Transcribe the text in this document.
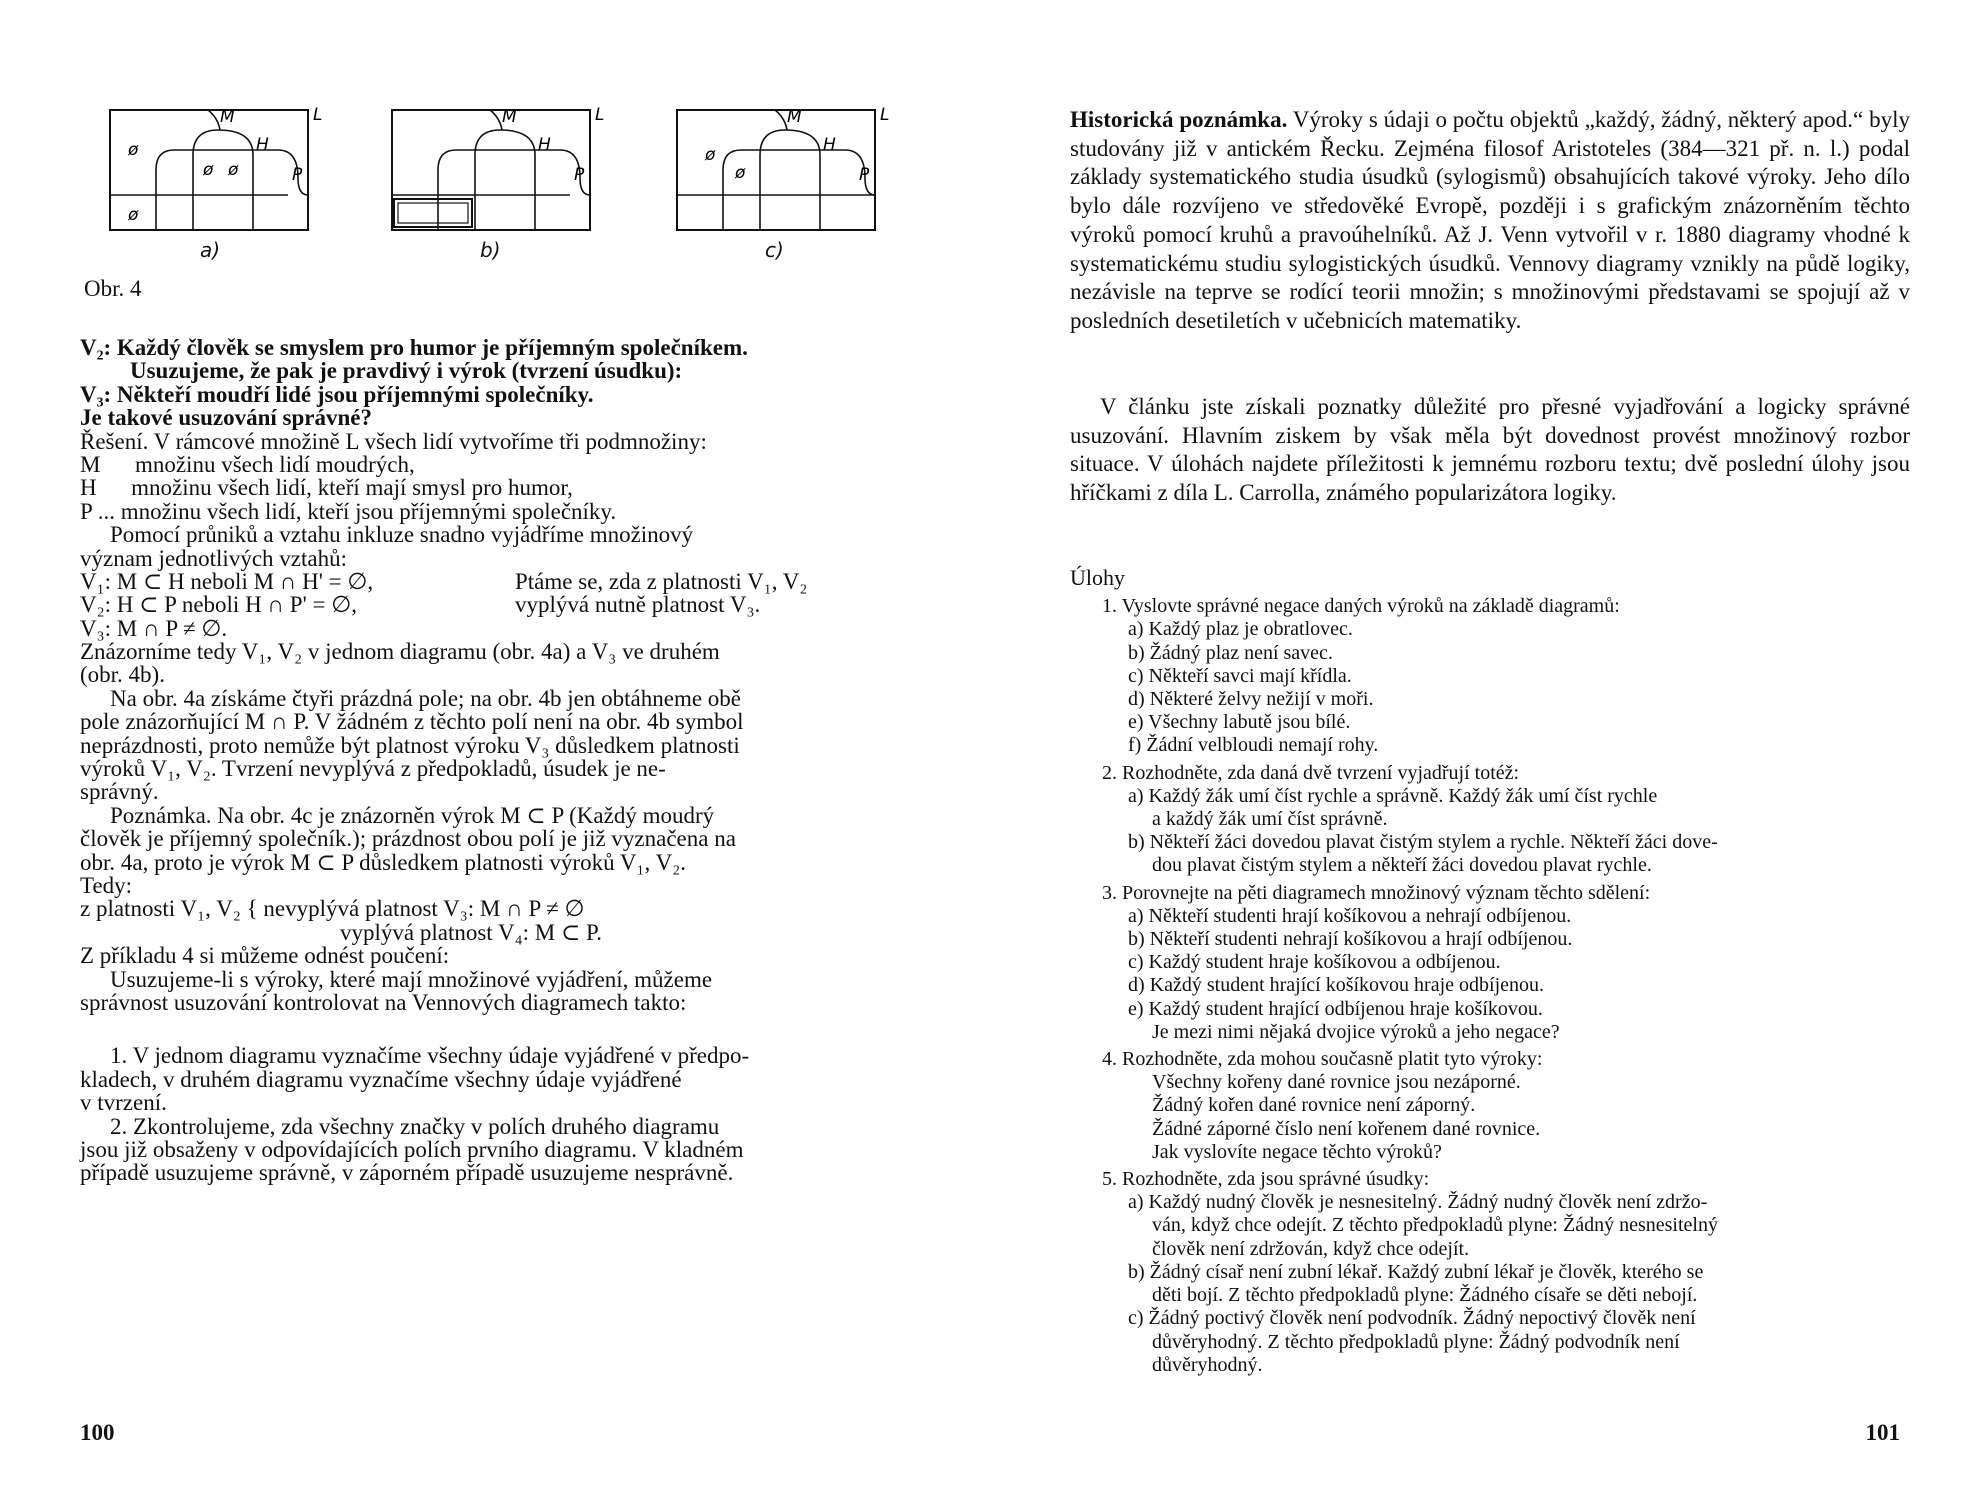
M	L
H
P
ø
ø ø
ø
M	L
H
P
M	L
H
P
ø
ø
a)	b)	c)
Obr. 4
V₂: Každý člověk se smyslem pro humor je příjemným společníkem.
Usuzujeme, že pak je pravdivý i výrok (tvrzení úsudku):
V₃: Někteří moudří lidé jsou příjemnými společníky.
Je takové usuzování správné?
Řešení. V rámcové množině L všech lidí vytvoříme tři podmnožiny:
M      množinu všech lidí moudrých,
H      množinu všech lidí, kteří mají smysl pro humor,
P ... množinu všech lidí, kteří jsou příjemnými společníky.
Pomocí průniků a vztahu inkluze snadno vyjádříme množinový
význam jednotlivých vztahů:
V₁: M ⊂ H neboli M ∩ H' = ∅,	Ptáme se, zda z platnosti V₁, V₂
V₂: H ⊂ P neboli H ∩ P' = ∅,	vyplývá nutně platnost V₃.
V₃: M ∩ P ≠ ∅.
Znázorníme tedy V₁, V₂ v jednom diagramu (obr. 4a) a V₃ ve druhém
(obr. 4b).
Na obr. 4a získáme čtyři prázdná pole; na obr. 4b jen obtáhneme obě
pole znázorňující M ∩ P. V žádném z těchto polí není na obr. 4b symbol
neprázdnosti, proto nemůže být platnost výroku V₃ důsledkem platnosti
výroků V₁, V₂. Tvrzení nevyplývá z předpokladů, úsudek je ne-
správný.
Poznámka. Na obr. 4c je znázorněn výrok M ⊂ P (Každý moudrý
člověk je příjemný společník.); prázdnost obou polí je již vyznačena na
obr. 4a, proto je výrok M ⊂ P důsledkem platnosti výroků V₁, V₂.
Tedy:
z platnosti V₁, V₂ { nevyplývá platnost V₃: M ∩ P ≠ ∅
vyplývá platnost V₄: M ⊂ P.
Z příkladu 4 si můžeme odnést poučení:
Usuzujeme-li s výroky, které mají množinové vyjádření, můžeme
správnost usuzování kontrolovat na Vennových diagramech takto:
1. V jednom diagramu vyznačíme všechny údaje vyjádřené v předpo-
kladech, v druhém diagramu vyznačíme všechny údaje vyjádřené
v tvrzení.
2. Zkontrolujeme, zda všechny značky v polích druhého diagramu
jsou již obsaženy v odpovídajících polích prvního diagramu. V kladném
případě usuzujeme správně, v záporném případě usuzujeme nesprávně.
100
Historická poznámka. Výroky s údaji o počtu objektů „každý, žádný, některý apod.“ byly studovány již v antickém Řecku. Zejména filosof Aristoteles (384—321 př. n. l.) podal základy systematického studia úsudků (sylogismů) obsahujících takové výroky. Jeho dílo bylo dále rozvíjeno ve středověké Evropě, později i s grafickým znázorněním těchto výroků pomocí kruhů a pravoúhelníků. Až J. Venn vytvořil v r. 1880 diagramy vhodné k systematickému studiu sylogistických úsudků. Vennovy diagramy vznikly na půdě logiky, nezávisle na teprve se rodící teorii množin; s množinovými představami se spojují až v posledních desetiletích v učebnicích matematiky.
V článku jste získali poznatky důležité pro přesné vyjadřování a logicky správné usuzování. Hlavním ziskem by však měla být dovednost provést množinový rozbor situace. V úlohách najdete příležitosti k jemnému rozboru textu; dvě poslední úlohy jsou hříčkami z díla L. Carrolla, známého popularizátora logiky.
Úlohy
1. Vyslovte správné negace daných výroků na základě diagramů:
a) Každý plaz je obratlovec.
b) Žádný plaz není savec.
c) Někteří savci mají křídla.
d) Některé želvy nežijí v moři.
e) Všechny labutě jsou bílé.
f) Žádní velbloudi nemají rohy.
2. Rozhodněte, zda daná dvě tvrzení vyjadřují totéž:
a) Každý žák umí číst rychle a správně. Každý žák umí číst rychle
a každý žák umí číst správně.
b) Někteří žáci dovedou plavat čistým stylem a rychle. Někteří žáci dove-
dou plavat čistým stylem a někteří žáci dovedou plavat rychle.
3. Porovnejte na pěti diagramech množinový význam těchto sdělení:
a) Někteří studenti hrají košíkovou a nehrají odbíjenou.
b) Někteří studenti nehrají košíkovou a hrají odbíjenou.
c) Každý student hraje košíkovou a odbíjenou.
d) Každý student hrající košíkovou hraje odbíjenou.
e) Každý student hrající odbíjenou hraje košíkovou.
Je mezi nimi nějaká dvojice výroků a jeho negace?
4. Rozhodněte, zda mohou současně platit tyto výroky:
Všechny kořeny dané rovnice jsou nezáporné.
Žádný kořen dané rovnice není záporný.
Žádné záporné číslo není kořenem dané rovnice.
Jak vyslovíte negace těchto výroků?
5. Rozhodněte, zda jsou správné úsudky:
a) Každý nudný člověk je nesnesitelný. Žádný nudný člověk není zdržo-
ván, když chce odejít. Z těchto předpokladů plyne: Žádný nesnesitelný
člověk není zdržován, když chce odejít.
b) Žádný císař není zubní lékař. Každý zubní lékař je člověk, kterého se
děti bojí. Z těchto předpokladů plyne: Žádného císaře se děti nebojí.
c) Žádný poctivý člověk není podvodník. Žádný nepoctivý člověk není
důvěryhodný. Z těchto předpokladů plyne: Žádný podvodník není
důvěryhodný.
101
